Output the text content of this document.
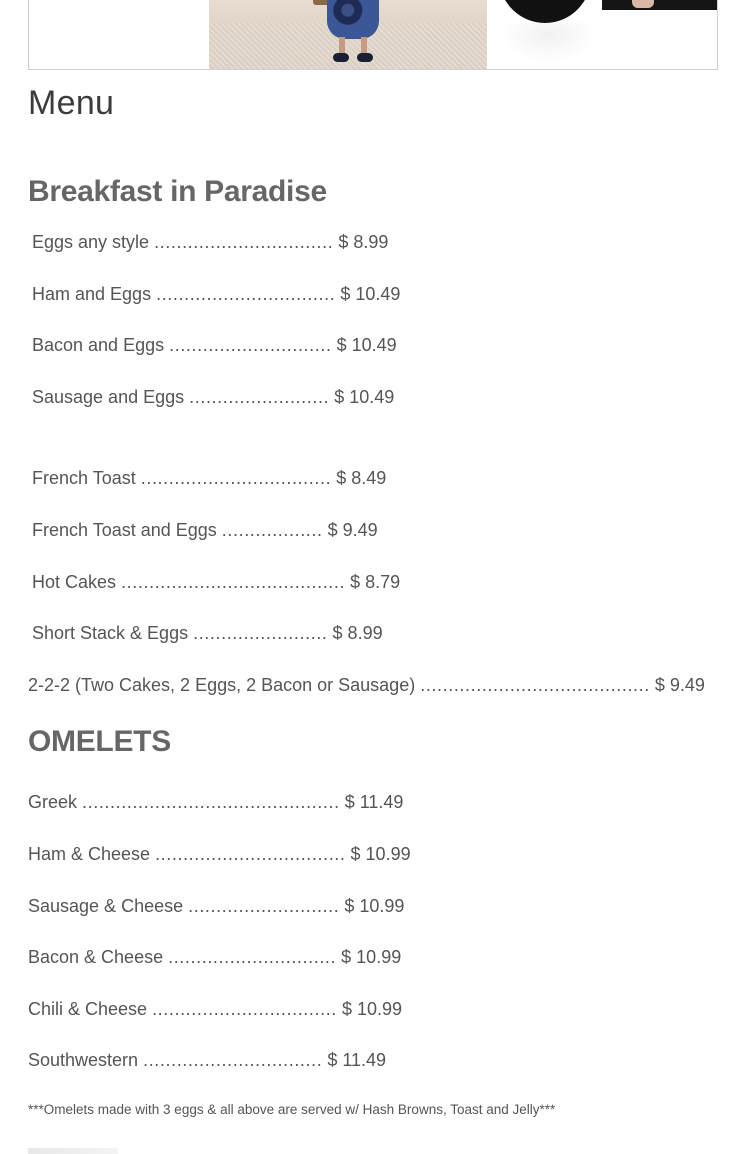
Menu
Breakfast in Paradise
Eggs any style ................................ $ 8.99
Ham and Eggs ................................ $ 10.49
Bacon and Eggs ............................. $ 10.49
Sausage and Eggs ......................... $ 10.49
French Toast .................................. $ 8.49
French Toast and Eggs .................. $ 9.49
Hot Cakes ........................................ $ 8.79
Short Stack & Eggs ........................ $ 8.99
2-2-2 (Two Cakes, 2 Eggs, 2 Bacon or Sausage) ......................................... $ 9.49
OMELETS
Greek .............................................. $ 11.49
Ham & Cheese .................................. $ 10.99
Sausage & Cheese ........................... $ 10.99
Bacon & Cheese .............................. $ 10.99
Chili & Cheese ................................. $ 10.99
Southwestern ................................ $ 11.49
***Omelets made with 3 eggs & all above are served w/ Hash Browns, Toast and Jelly***
